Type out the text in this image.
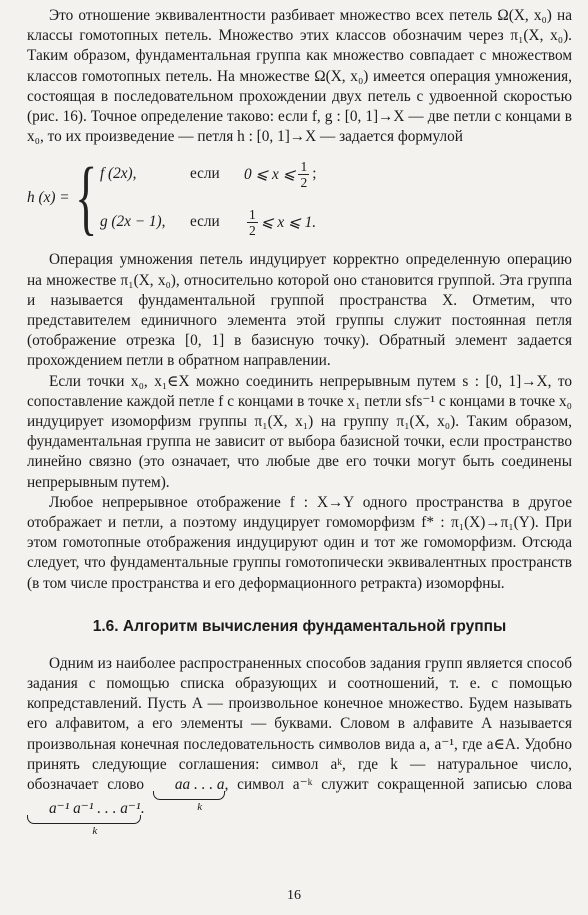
Это отношение эквивалентности разбивает множество всех петель Ω(X, x₀) на классы гомотопных петель. Множество этих классов обозначим через π₁(X, x₀). Таким образом, фундаментальная группа как множество совпадает с множеством классов гомотопных петель. На множестве Ω(X, x₀) имеется операция умножения, состоящая в последовательном прохождении двух петель с удвоенной скоростью (рис. 16). Точное определение таково: если f, g : [0, 1]→X — две петли с концами в x₀, то их произведение — петля h : [0, 1]→X — задается формулой

h (x) = { f (2x),	если	0 ⩽ x ⩽ $\frac{1}{2}$ ;
g (2x − 1),	если	$\frac{1}{2}$ ⩽ x ⩽ 1.

Операция умножения петель индуцирует корректно определенную операцию на множестве π₁(X, x₀), относительно которой оно становится группой. Эта группа и называется фундаментальной группой пространства X. Отметим, что представителем единичного элемента этой группы служит постоянная петля (отображение отрезка [0, 1] в базисную точку). Обратный элемент задается прохождением петли в обратном направлении.

Если точки x₀, x₁∈X можно соединить непрерывным путем s : [0, 1]→X, то сопоставление каждой петле f с концами в точке x₁ петли sfs⁻¹ с концами в точке x₀ индуцирует изоморфизм группы π₁(X, x₁) на группу π₁(X, x₀). Таким образом, фундаментальная группа не зависит от выбора базисной точки, если пространство линейно связно (это означает, что любые две его точки могут быть соединены непрерывным путем).

Любое непрерывное отображение f : X→Y одного пространства в другое отображает и петли, а поэтому индуцирует гомоморфизм f* : π₁(X)→π₁(Y). При этом гомотопные отображения индуцируют один и тот же гомоморфизм. Отсюда следует, что фундаментальные группы гомотопически эквивалентных пространств (в том числе пространства и его деформационного ретракта) изоморфны.

1.6. Алгоритм вычисления фундаментальной группы

Одним из наиболее распространенных способов задания групп является способ задания с помощью списка образующих и соотношений, т. е. с помощью копредставлений. Пусть A — произвольное конечное множество. Будем называть его алфавитом, а его элементы — буквами. Словом в алфавите A называется произвольная конечная последовательность символов вида a, a⁻¹, где a∈A. Удобно принять следующие соглашения: символ aᵏ, где k — натуральное число, обозначает слово aa . . . a
k
, символ a⁻ᵏ служит сокращенной записью слова a⁻¹ a⁻¹ . . . a⁻¹
k
.

16
